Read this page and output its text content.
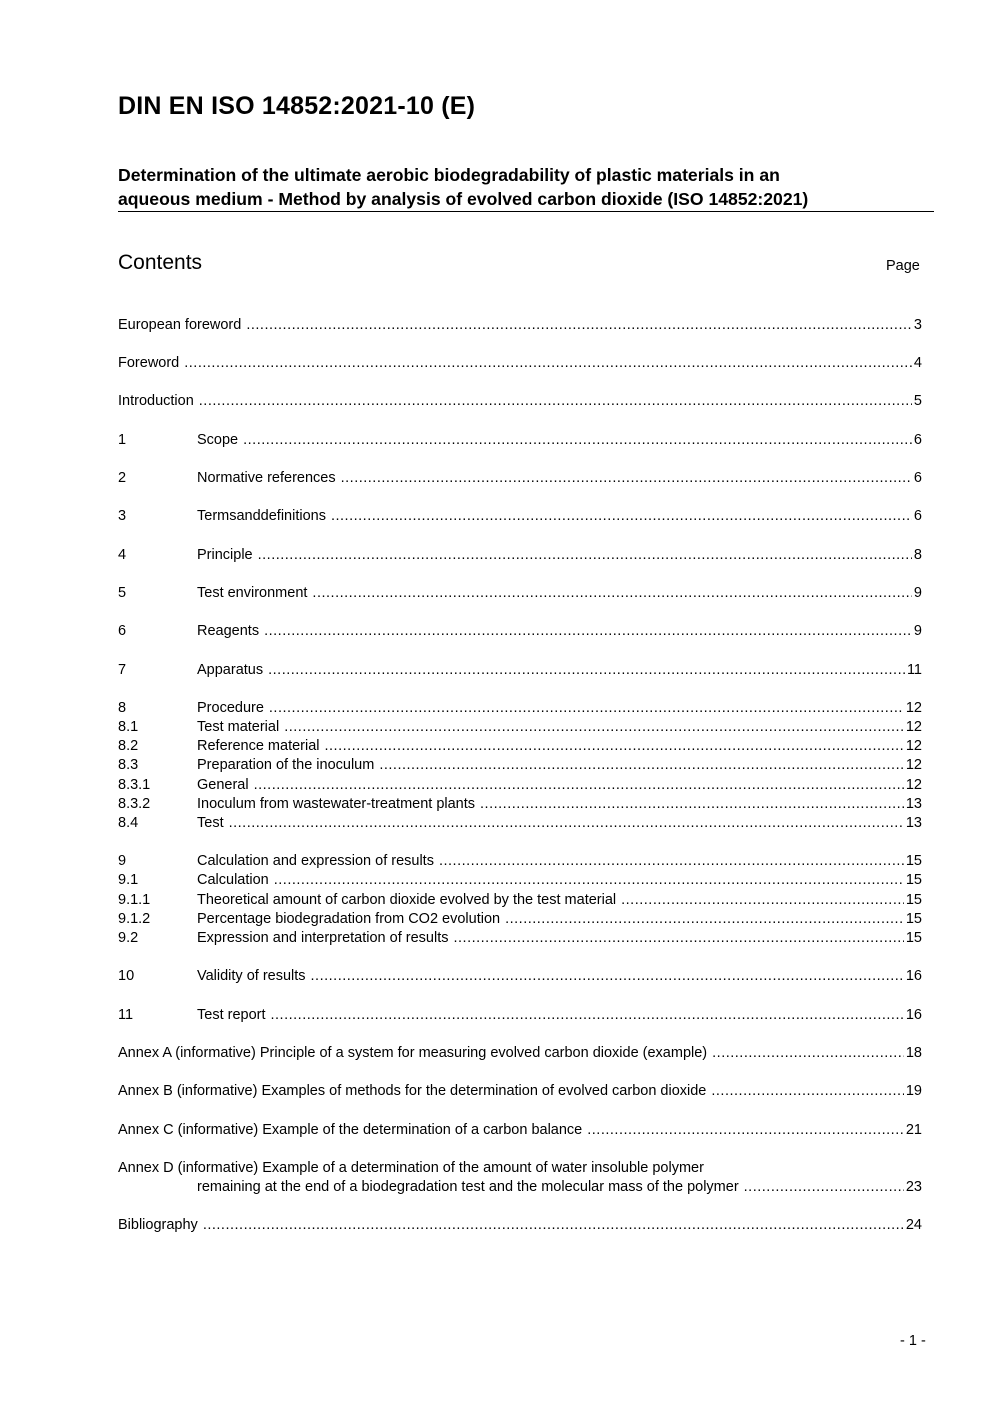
DIN EN ISO 14852:2021-10 (E)
Determination of the ultimate aerobic biodegradability of plastic materials in an
aqueous medium - Method by analysis of evolved carbon dioxide (ISO 14852:2021)
Contents	Page
European foreword .....	3
Foreword .....	4
Introduction .....	5
1	Scope .....	6
2	Normative references .....	6
3	Termsanddefinitions .....	6
4	Principle .....	8
5	Test environment .....	9
6	Reagents .....	9
7	Apparatus .....	11
8	Procedure .....	12
8.1	Test material .....	12
8.2	Reference material .....	12
8.3	Preparation of the inoculum .....	12
8.3.1	General .....	12
8.3.2	Inoculum from wastewater-treatment plants .....	13
8.4	Test .....	13
9	Calculation and expression of results .....	15
9.1	Calculation .....	15
9.1.1	Theoretical amount of carbon dioxide evolved by the test material .....	15
9.1.2	Percentage biodegradation from CO2 evolution .....	15
9.2	Expression and interpretation of results .....	15
10	Validity of results .....	16
11	Test report .....	16
Annex A (informative) Principle of a system for measuring evolved carbon dioxide (example) .....	18
Annex B (informative) Examples of methods for the determination of evolved carbon dioxide .....	19
Annex C (informative) Example of the determination of a carbon balance .....	21
Annex D (informative) Example of a determination of the amount of water insoluble polymer
remaining at the end of a biodegradation test and the molecular mass of the polymer .....	23
Bibliography .....	24
- 1 -
